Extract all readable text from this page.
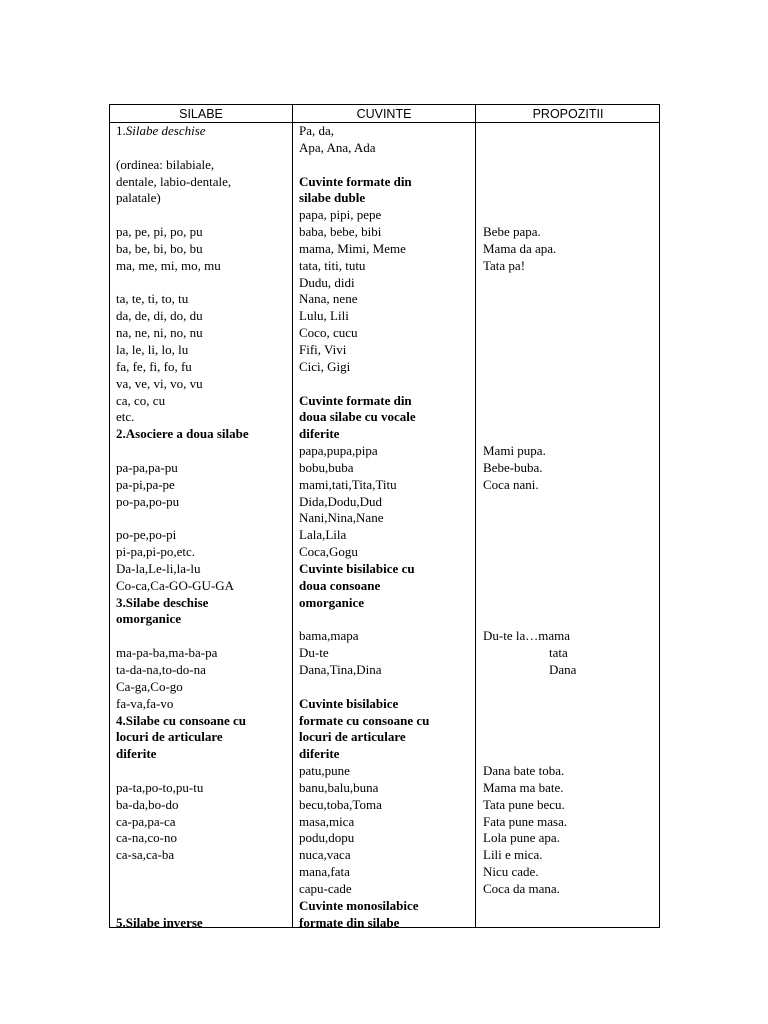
SILABE	CUVINTE	PROPOZITII
1.Silabe deschise
(ordinea: bilabiale,
dentale, labio-dentale,
palatale)
pa, pe, pi, po, pu
ba, be, bi, bo, bu
ma, me, mi, mo, mu
ta, te, ti, to, tu
da, de, di, do, du
na, ne, ni, no, nu
la, le, li, lo, lu
fa, fe, fi, fo, fu
va, ve, vi, vo, vu
ca, co, cu
etc.
2.Asociere a doua silabe
pa-pa,pa-pu
pa-pi,pa-pe
po-pa,po-pu
po-pe,po-pi
pi-pa,pi-po,etc.
Da-la,Le-li,la-lu
Co-ca,Ca-GO-GU-GA
3.Silabe deschise
omorganice
ma-pa-ba,ma-ba-pa
ta-da-na,to-do-na
Ca-ga,Co-go
fa-va,fa-vo
4.Silabe cu consoane cu
locuri de articulare
diferite
pa-ta,po-to,pu-tu
ba-da,bo-do
ca-pa,pa-ca
ca-na,co-no
ca-sa,ca-ba
5.Silabe inverse
Pa, da,
Apa, Ana, Ada
Cuvinte formate din
silabe duble
papa, pipi, pepe
baba, bebe, bibi
mama, Mimi, Meme
tata, titi, tutu
Dudu, didi
Nana, nene
Lulu, Lili
Coco, cucu
Fifi, Vivi
Cici, Gigi
Cuvinte formate din
doua silabe cu vocale
diferite
papa,pupa,pipa
bobu,buba
mami,tati,Tita,Titu
Dida,Dodu,Dud
Nani,Nina,Nane
Lala,Lila
Coca,Gogu
Cuvinte bisilabice cu
doua consoane
omorganice
bama,mapa
Du-te
Dana,Tina,Dina
Cuvinte bisilabice
formate cu consoane cu
locuri de articulare
diferite
patu,pune
banu,balu,buna
becu,toba,Toma
masa,mica
podu,dopu
nuca,vaca
mana,fata
capu-cade
Cuvinte monosilabice
formate din silabe
Bebe papa.
Mama da apa.
Tata pa!
Mami pupa.
Bebe-buba.
Coca nani.
Du-te la…mama
tata
Dana
Dana bate toba.
Mama ma bate.
Tata pune becu.
Fata pune masa.
Lola pune apa.
Lili e mica.
Nicu cade.
Coca da mana.
